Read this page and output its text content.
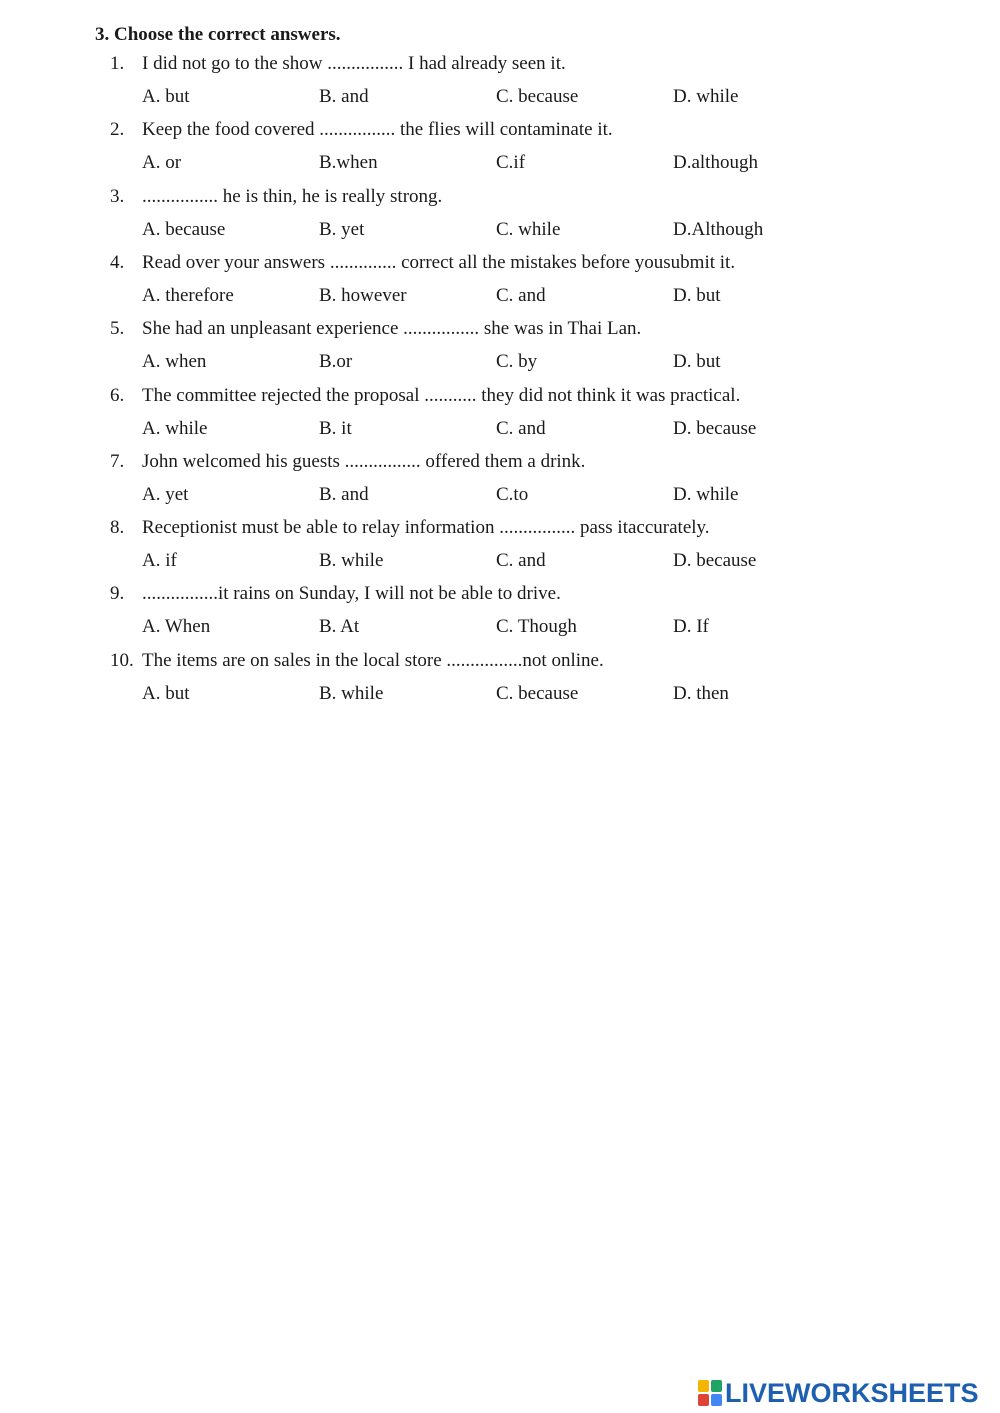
3. Choose the correct answers.
1. I did not go to the show ................ I had already seen it.
A. but	B. and	C. because	D. while
2. Keep the food covered ................ the flies will contaminate it.
A. or	B.when	C.if	D.although
3. ................ he is thin, he is really strong.
A. because	B. yet	C. while	D.Although
4. Read over your answers .............. correct all the mistakes before yousubmit it.
A. therefore	B. however	C. and	D. but
5. She had an unpleasant experience ................ she was in Thai Lan.
A. when	B.or	C. by	D. but
6. The committee rejected the proposal ........... they did not think it was practical.
A. while	B. it	C. and	D. because
7. John welcomed his guests ................ offered them a drink.
A. yet	B. and	C.to	D. while
8. Receptionist must be able to relay information ................ pass itaccurately.
A. if	B. while	C. and	D. because
9. ................it rains on Sunday, I will not be able to drive.
A. When	B. At	C. Though	D. If
10. The items are on sales in the local store ................not online.
A. but	B. while	C. because	D. then
LIVEWORKSHEETS
